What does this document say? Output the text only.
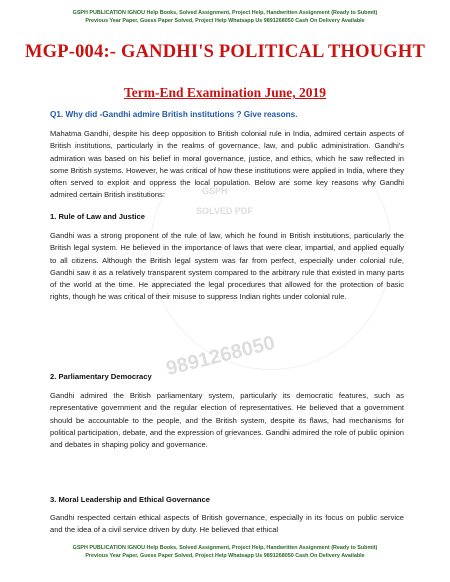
GSPH
SOLVED PDF
9891268050
GSPH PUBLICATION IGNOU Help Books, Solved Assignment, Project Help, Handwritten Assignment (Ready to Submit)
Previous Year Paper, Guess Paper Solved, Project Help Whatsapp Us 9891268050 Cash On Delivery Available
MGP-004:- GANDHI'S POLITICAL THOUGHT
Term-End Examination June, 2019
Q1. Why did -Gandhi admire British institutions ? Give reasons.

Mahatma Gandhi, despite his deep opposition to British colonial rule in India, admired certain aspects of British institutions, particularly in the realms of governance, law, and public administration. Gandhi's admiration was based on his belief in moral governance, justice, and ethics, which he saw reflected in some British systems. However, he was critical of how these institutions were applied in India, where they often served to exploit and oppress the local population. Below are some key reasons why Gandhi admired certain British institutions:

1. Rule of Law and Justice

Gandhi was a strong proponent of the rule of law, which he found in British institutions, particularly the British legal system. He believed in the importance of laws that were clear, impartial, and applied equally to all citizens. Although the British legal system was far from perfect, especially under colonial rule, Gandhi saw it as a relatively transparent system compared to the arbitrary rule that existed in many parts of the world at the time. He appreciated the legal procedures that allowed for the protection of basic rights, though he was critical of their misuse to suppress Indian rights under colonial rule.

2. Parliamentary Democracy

Gandhi admired the British parliamentary system, particularly its democratic features, such as representative government and the regular election of representatives. He believed that a government should be accountable to the people, and the British system, despite its flaws, had mechanisms for political participation, debate, and the expression of grievances. Gandhi admired the role of public opinion and debates in shaping policy and governance.

3. Moral Leadership and Ethical Governance

Gandhi respected certain ethical aspects of British governance, especially in its focus on public service and the idea of a civil service driven by duty. He believed that ethical

GSPH PUBLICATION IGNOU Help Books, Solved Assignment, Project Help, Handwritten Assignment (Ready to Submit)
Previous Year Paper, Guess Paper Solved, Project Help Whatsapp Us 9891268050 Cash On Delivery Available
